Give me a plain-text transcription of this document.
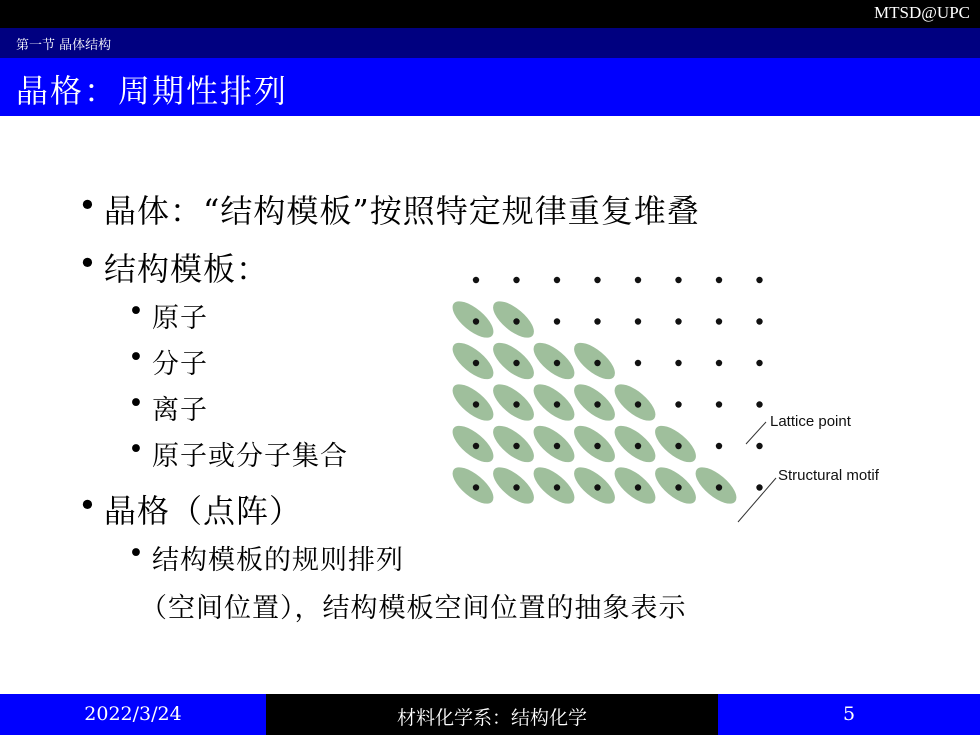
MTSD@UPC
第一节 晶体结构
晶格：周期性排列
• 晶体：“结构模板”按照特定规律重复堆叠
• 结构模板：
• 原子
• 分子
• 离子
• 原子或分子集合
• 晶格（点阵）
• 结构模板的规则排列
（空间位置），结构模板空间位置的抽象表示
Lattice point
Structural motif
2022/3/24	材料化学系：结构化学	5
